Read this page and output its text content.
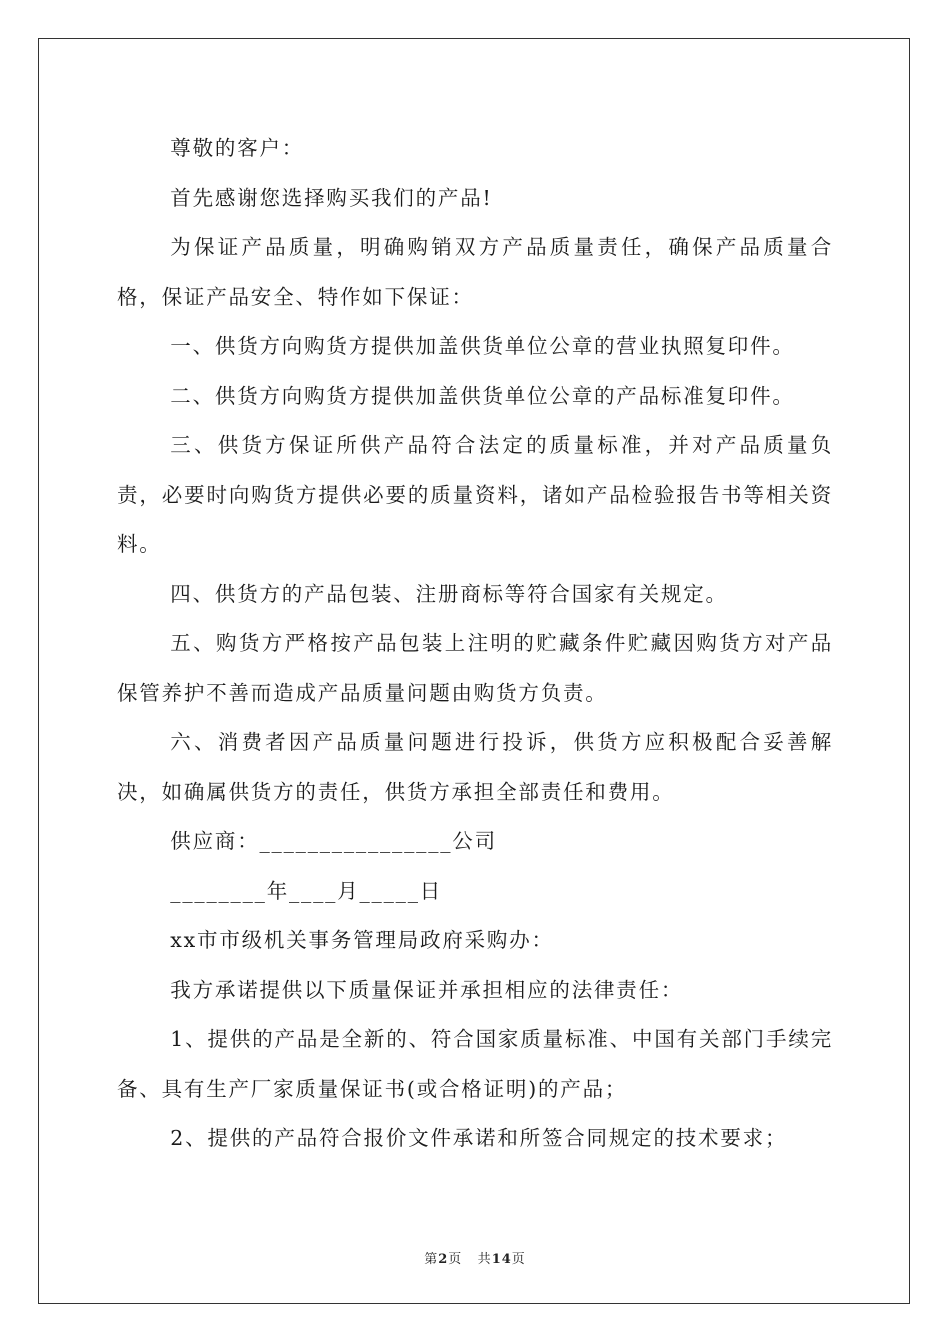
尊敬的客户：

首先感谢您选择购买我们的产品!

为保证产品质量，明确购销双方产品质量责任，确保产品质量合格，保证产品安全、特作如下保证：

一、供货方向购货方提供加盖供货单位公章的营业执照复印件。

二、供货方向购货方提供加盖供货单位公章的产品标准复印件。

三、供货方保证所供产品符合法定的质量标准，并对产品质量负责，必要时向购货方提供必要的质量资料，诸如产品检验报告书等相关资料。

四、供货方的产品包装、注册商标等符合国家有关规定。

五、购货方严格按产品包装上注明的贮藏条件贮藏因购货方对产品保管养护不善而造成产品质量问题由购货方负责。

六、消费者因产品质量问题进行投诉，供货方应积极配合妥善解决，如确属供货方的责任，供货方承担全部责任和费用。

供应商：________________公司

________年____月_____日

xx市市级机关事务管理局政府采购办：

我方承诺提供以下质量保证并承担相应的法律责任：

1、提供的产品是全新的、符合国家质量标准、中国有关部门手续完备、具有生产厂家质量保证书(或合格证明)的产品；

2、提供的产品符合报价文件承诺和所签合同规定的技术要求；

第2页 共14页
